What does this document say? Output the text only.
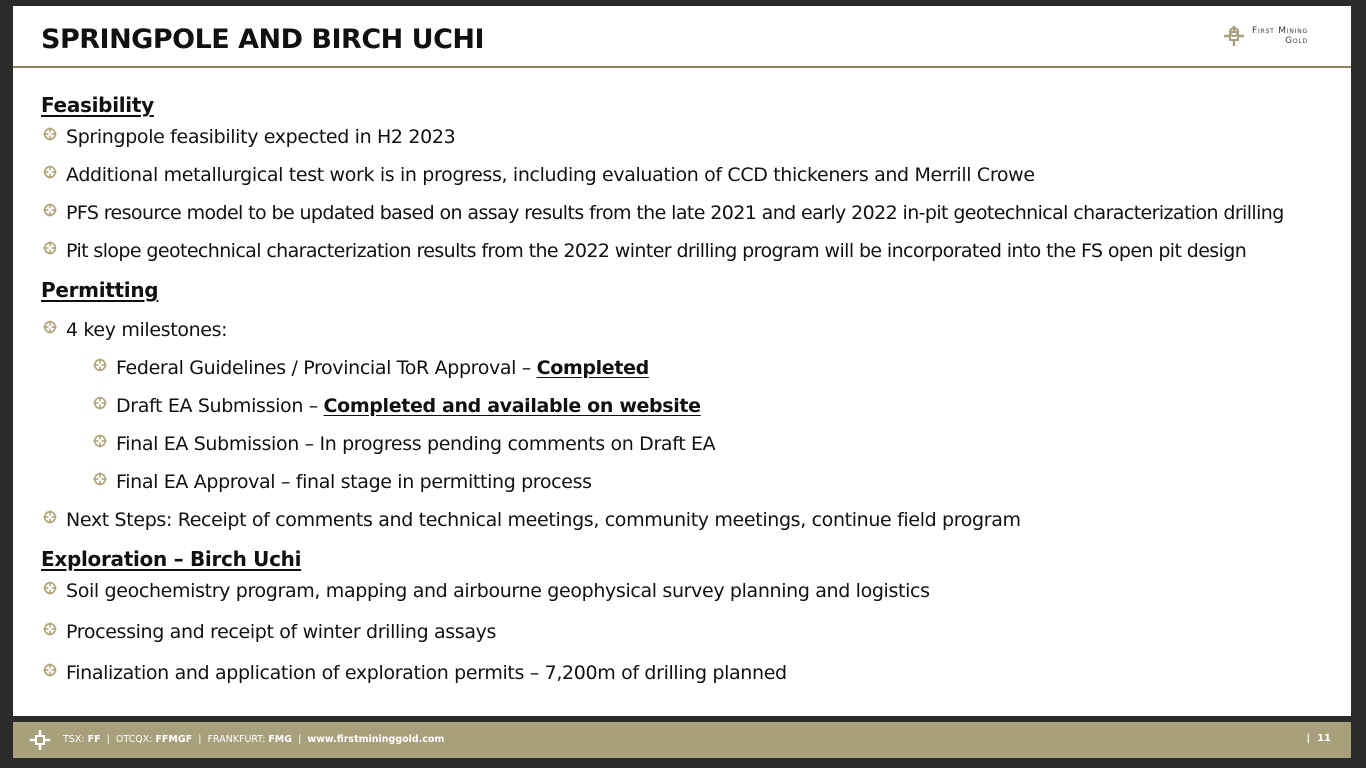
SPRINGPOLE AND BIRCH UCHI	First Mining
Gold
Feasibility
Springpole feasibility expected in H2 2023
Additional metallurgical test work is in progress, including evaluation of CCD thickeners and Merrill Crowe
PFS resource model to be updated based on assay results from the late 2021 and early 2022 in-pit geotechnical characterization drilling
Pit slope geotechnical characterization results from the 2022 winter drilling program will be incorporated into the FS open pit design
Permitting
4 key milestones:
Federal Guidelines / Provincial ToR Approval – Completed
Draft EA Submission – Completed and available on website
Final EA Submission – In progress pending comments on Draft EA
Final EA Approval – final stage in permitting process
Next Steps: Receipt of comments and technical meetings, community meetings, continue field program
Exploration – Birch Uchi
Soil geochemistry program, mapping and airbourne geophysical survey planning and logistics
Processing and receipt of winter drilling assays
Finalization and application of exploration permits – 7,200m of drilling planned
TSX: FF | OTCQX: FFMGF | FRANKFURT: FMG | www.firstmininggold.com	| 11
